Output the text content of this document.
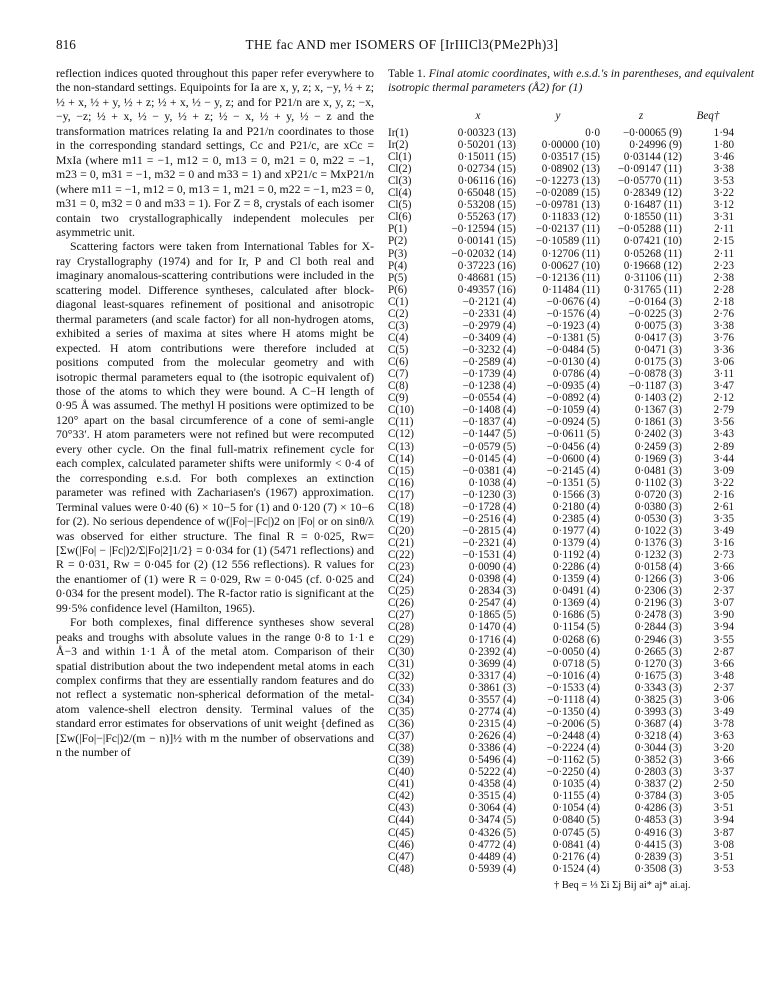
816	THE fac AND mer ISOMERS OF [IrIIICl3(PMe2Ph)3]

reflection indices quoted throughout this paper refer everywhere to the non-standard settings. Equipoints for Ia are x, y, z; x, −y, ½ + z; ½ + x, ½ + y, ½ + z; ½ + x, ½ − y, z; and for P21/n are x, y, z; −x, −y, −z; ½ + x, ½ − y, ½ + z; ½ − x, ½ + y, ½ − z and the transformation matrices relating Ia and P21/n coordinates to those in the corresponding standard settings, Cc and P21/c, are xCc = MxIa (where m11 = −1, m12 = 0, m13 = 0, m21 = 0, m22 = −1, m23 = 0, m31 = −1, m32 = 0 and m33 = 1) and xP21/c = MxP21/n (where m11 = −1, m12 = 0, m13 = 1, m21 = 0, m22 = −1, m23 = 0, m31 = 0, m32 = 0 and m33 = 1). For Z = 8, crystals of each isomer contain two crystallographically independent molecules per asymmetric unit.

Scattering factors were taken from International Tables for X-ray Crystallography (1974) and for Ir, P and Cl both real and imaginary anomalous-scattering contributions were included in the scattering model. Difference syntheses, calculated after block-diagonal least-squares refinement of positional and anisotropic thermal parameters (and scale factor) for all non-hydrogen atoms, exhibited a series of maxima at sites where H atoms might be expected. H atom contributions were therefore included at positions computed from the molecular geometry and with isotropic thermal parameters equal to (the isotropic equivalent of) those of the atoms to which they were bound. A C−H length of 0·95 Å was assumed. The methyl H positions were optimized to be 120° apart on the basal circumference of a cone of semi-angle 70°33′. H atom parameters were not refined but were recomputed every other cycle. On the final full-matrix refinement cycle for each complex, calculated parameter shifts were uniformly < 0·4 of the corresponding e.s.d. For both complexes an extinction parameter was refined with Zachariasen's (1967) approximation. Terminal values were 0·40 (6) × 10−5 for (1) and 0·120 (7) × 10−6 for (2). No serious dependence of w(|Fo|−|Fc|)2 on |Fo| or on sinθ/λ was observed for either structure. The final R = 0·025, Rw=[Σw(|Fo| − |Fc|)2/Σ|Fo|2]1/2} = 0·034 for (1) (5471 reflections) and R = 0·031, Rw = 0·045 for (2) (12 556 reflections). R values for the enantiomer of (1) were R = 0·029, Rw = 0·045 (cf. 0·025 and 0·034 for the present model). The R-factor ratio is significant at the 99·5% confidence level (Hamilton, 1965).

For both complexes, final difference syntheses show several peaks and troughs with absolute values in the range 0·8 to 1·1 e Å−3 and within 1·1 Å of the metal atom. Comparison of their spatial distribution about the two independent metal atoms in each complex confirms that they are essentially random features and do not reflect a systematic non-spherical deformation of the metal-atom valence-shell electron density. Terminal values of the standard error estimates for observations of unit weight {defined as [Σw(|Fo|−|Fc|)2/(m − n)]½ with m the number of observations and n the number of

Table 1. Final atomic coordinates, with e.s.d.'s in parentheses, and equivalent isotropic thermal parameters (Å2) for (1)

	x	y	z	Beq†
Ir(1)	0·00323 (13)	0·0	−0·00065 (9)	1·94
Ir(2)	0·50201 (13)	0·00000 (10)	0·24996 (9)	1·80
Cl(1)	0·15011 (15)	0·03517 (15)	0·03144 (12)	3·46
Cl(2)	0·02734 (15)	0·08902 (13)	−0·09147 (11)	3·38
Cl(3)	0·06116 (16)	−0·12273 (13)	−0·05770 (11)	3·53
Cl(4)	0·65048 (15)	−0·02089 (15)	0·28349 (12)	3·22
Cl(5)	0·53208 (15)	−0·09781 (13)	0·16487 (11)	3·12
Cl(6)	0·55263 (17)	0·11833 (12)	0·18550 (11)	3·31
P(1)	−0·12594 (15)	−0·02137 (11)	−0·05288 (11)	2·11
P(2)	0·00141 (15)	−0·10589 (11)	0·07421 (10)	2·15
P(3)	−0·02032 (14)	0·12706 (11)	0·05268 (11)	2·11
P(4)	0·37223 (16)	0·00627 (10)	0·19668 (12)	2·23
P(5)	0·48681 (15)	−0·12136 (11)	0·31106 (11)	2·38
P(6)	0·49357 (16)	0·11484 (11)	0·31765 (11)	2·28
C(1)	−0·2121 (4)	−0·0676 (4)	−0·0164 (3)	2·18
C(2)	−0·2331 (4)	−0·1576 (4)	−0·0225 (3)	2·76
C(3)	−0·2979 (4)	−0·1923 (4)	0·0075 (3)	3·38
C(4)	−0·3409 (4)	−0·1381 (5)	0·0417 (3)	3·76
C(5)	−0·3232 (4)	−0·0484 (5)	0·0471 (3)	3·36
C(6)	−0·2589 (4)	−0·0130 (4)	0·0175 (3)	3·06
C(7)	−0·1739 (4)	0·0786 (4)	−0·0878 (3)	3·11
C(8)	−0·1238 (4)	−0·0935 (4)	−0·1187 (3)	3·47
C(9)	−0·0554 (4)	−0·0892 (4)	0·1403 (2)	2·12
C(10)	−0·1408 (4)	−0·1059 (4)	0·1367 (3)	2·79
C(11)	−0·1837 (4)	−0·0924 (5)	0·1861 (3)	3·56
C(12)	−0·1447 (5)	−0·0611 (5)	0·2402 (3)	3·43
C(13)	−0·0579 (5)	−0·0456 (4)	0·2459 (3)	2·89
C(14)	−0·0145 (4)	−0·0600 (4)	0·1969 (3)	3·44
C(15)	−0·0381 (4)	−0·2145 (4)	0·0481 (3)	3·09
C(16)	0·1038 (4)	−0·1351 (5)	0·1102 (3)	3·22
C(17)	−0·1230 (3)	0·1566 (3)	0·0720 (3)	2·16
C(18)	−0·1728 (4)	0·2180 (4)	0·0380 (3)	2·61
C(19)	−0·2516 (4)	0·2385 (4)	0·0530 (3)	3·35
C(20)	−0·2815 (4)	0·1977 (4)	0·1022 (3)	3·49
C(21)	−0·2321 (4)	0·1379 (4)	0·1376 (3)	3·16
C(22)	−0·1531 (4)	0·1192 (4)	0·1232 (3)	2·73
C(23)	0·0090 (4)	0·2286 (4)	0·0158 (4)	3·66
C(24)	0·0398 (4)	0·1359 (4)	0·1266 (3)	3·06
C(25)	0·2834 (3)	0·0491 (4)	0·2306 (3)	2·37
C(26)	0·2547 (4)	0·1369 (4)	0·2196 (3)	3·07
C(27)	0·1865 (5)	0·1686 (5)	0·2478 (3)	3·90
C(28)	0·1470 (4)	0·1154 (5)	0·2844 (3)	3·94
C(29)	0·1716 (4)	0·0268 (6)	0·2946 (3)	3·55
C(30)	0·2392 (4)	−0·0050 (4)	0·2665 (3)	2·87
C(31)	0·3699 (4)	0·0718 (5)	0·1270 (3)	3·66
C(32)	0·3317 (4)	−0·1016 (4)	0·1675 (3)	3·48
C(33)	0·3861 (3)	−0·1533 (4)	0·3343 (3)	2·37
C(34)	0·3557 (4)	−0·1118 (4)	0·3825 (3)	3·06
C(35)	0·2774 (4)	−0·1350 (4)	0·3993 (3)	3·49
C(36)	0·2315 (4)	−0·2006 (5)	0·3687 (4)	3·78
C(37)	0·2626 (4)	−0·2448 (4)	0·3218 (4)	3·63
C(38)	0·3386 (4)	−0·2224 (4)	0·3044 (3)	3·20
C(39)	0·5496 (4)	−0·1162 (5)	0·3852 (3)	3·66
C(40)	0·5222 (4)	−0·2250 (4)	0·2803 (3)	3·37
C(41)	0·4358 (4)	0·1035 (4)	0·3837 (2)	2·50
C(42)	0·3515 (4)	0·1155 (4)	0·3784 (3)	3·05
C(43)	0·3064 (4)	0·1054 (4)	0·4286 (3)	3·51
C(44)	0·3474 (5)	0·0840 (5)	0·4853 (3)	3·94
C(45)	0·4326 (5)	0·0745 (5)	0·4916 (3)	3·87
C(46)	0·4772 (4)	0·0841 (4)	0·4415 (3)	3·08
C(47)	0·4489 (4)	0·2176 (4)	0·2839 (3)	3·51
C(48)	0·5939 (4)	0·1524 (4)	0·3508 (3)	3·53
† Beq = ⅓ Σi Σj Bij ai* aj* ai.aj.
